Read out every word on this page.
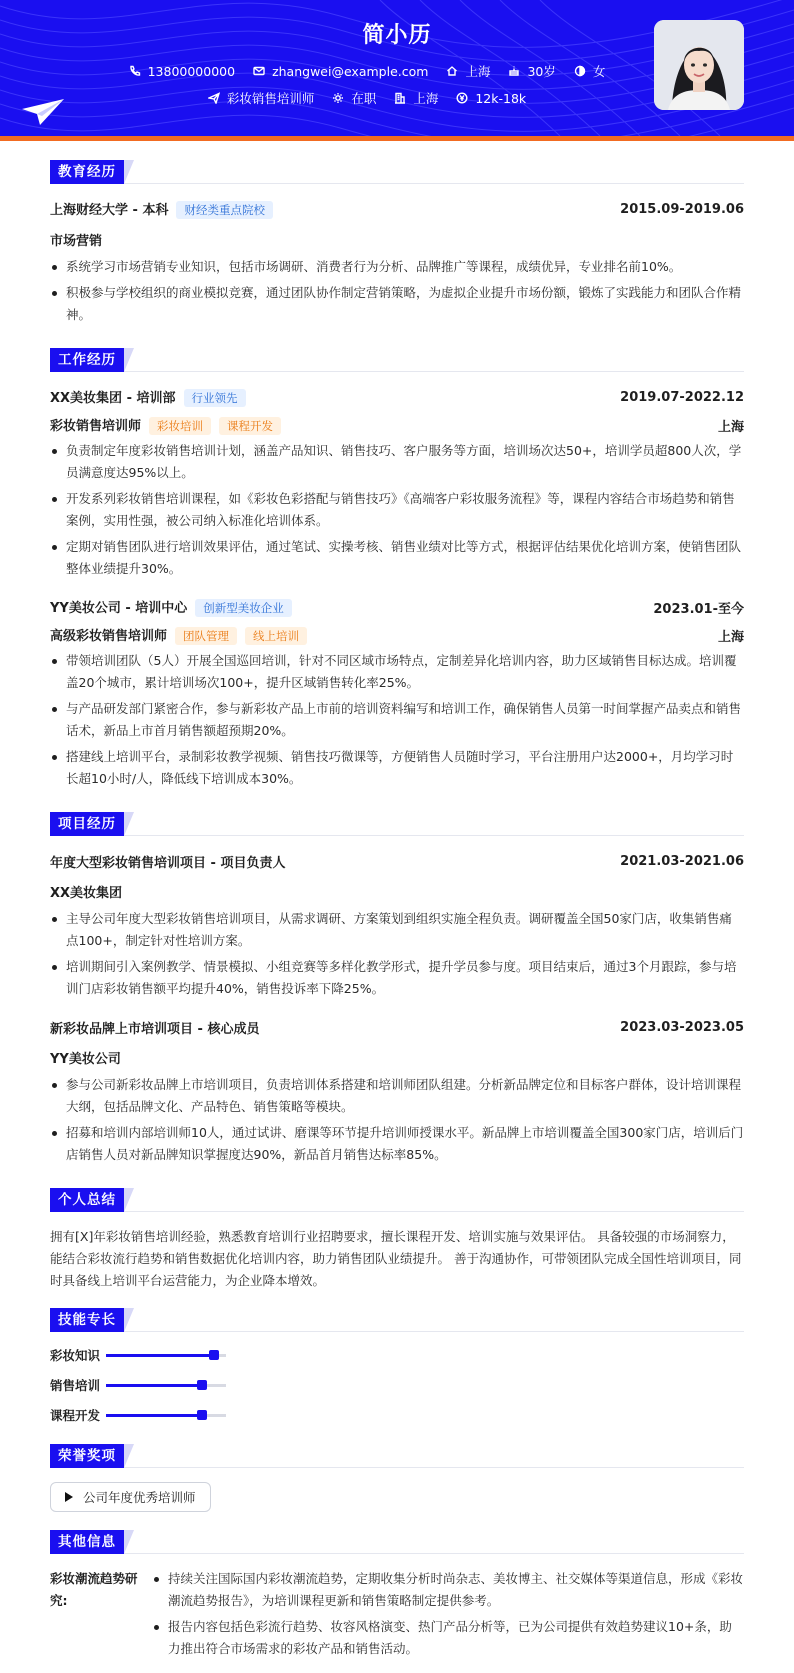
简小历
13800000000	zhangwei@example.com	上海	30岁	女
彩妆销售培训师	在职	上海	12k-18k
教育经历
上海财经大学 - 本科 财经类重点院校	2015.09-2019.06
市场营销
系统学习市场营销专业知识，包括市场调研、消费者行为分析、品牌推广等课程，成绩优异，专业排名前10%。
积极参与学校组织的商业模拟竞赛，通过团队协作制定营销策略，为虚拟企业提升市场份额，锻炼了实践能力和团队合作精神。
工作经历
XX美妆集团 - 培训部 行业领先	2019.07-2022.12
彩妆销售培训师 彩妆培训 课程开发	上海
负责制定年度彩妆销售培训计划，涵盖产品知识、销售技巧、客户服务等方面，培训场次达50+，培训学员超800人次，学员满意度达95%以上。
开发系列彩妆销售培训课程，如《彩妆色彩搭配与销售技巧》《高端客户彩妆服务流程》等，课程内容结合市场趋势和销售案例，实用性强，被公司纳入标准化培训体系。
定期对销售团队进行培训效果评估，通过笔试、实操考核、销售业绩对比等方式，根据评估结果优化培训方案，使销售团队整体业绩提升30%。
YY美妆公司 - 培训中心 创新型美妆企业	2023.01-至今
高级彩妆销售培训师 团队管理 线上培训	上海
带领培训团队（5人）开展全国巡回培训，针对不同区域市场特点，定制差异化培训内容，助力区域销售目标达成。培训覆盖20个城市，累计培训场次100+，提升区域销售转化率25%。
与产品研发部门紧密合作，参与新彩妆产品上市前的培训资料编写和培训工作，确保销售人员第一时间掌握产品卖点和销售话术，新品上市首月销售额超预期20%。
搭建线上培训平台，录制彩妆教学视频、销售技巧微课等，方便销售人员随时学习，平台注册用户达2000+，月均学习时长超10小时/人，降低线下培训成本30%。
项目经历
年度大型彩妆销售培训项目 - 项目负责人	2021.03-2021.06
XX美妆集团
主导公司年度大型彩妆销售培训项目，从需求调研、方案策划到组织实施全程负责。调研覆盖全国50家门店，收集销售痛点100+，制定针对性培训方案。
培训期间引入案例教学、情景模拟、小组竞赛等多样化教学形式，提升学员参与度。项目结束后，通过3个月跟踪，参与培训门店彩妆销售额平均提升40%，销售投诉率下降25%。
新彩妆品牌上市培训项目 - 核心成员	2023.03-2023.05
YY美妆公司
参与公司新彩妆品牌上市培训项目，负责培训体系搭建和培训师团队组建。分析新品牌定位和目标客户群体，设计培训课程大纲，包括品牌文化、产品特色、销售策略等模块。
招募和培训内部培训师10人，通过试讲、磨课等环节提升培训师授课水平。新品牌上市培训覆盖全国300家门店，培训后门店销售人员对新品牌知识掌握度达90%，新品首月销售达标率85%。
个人总结

拥有[X]年彩妆销售培训经验，熟悉教育培训行业招聘要求，擅长课程开发、培训实施与效果评估。 具备较强的市场洞察力，能结合彩妆流行趋势和销售数据优化培训内容，助力销售团队业绩提升。 善于沟通协作，可带领团队完成全国性培训项目，同时具备线上培训平台运营能力，为企业降本增效。

技能专长
彩妆知识
销售培训
课程开发
荣誉奖项
公司年度优秀培训师
其他信息
彩妆潮流趋势研究:
持续关注国际国内彩妆潮流趋势，定期收集分析时尚杂志、美妆博主、社交媒体等渠道信息，形成《彩妆潮流趋势报告》，为培训课程更新和销售策略制定提供参考。
报告内容包括色彩流行趋势、妆容风格演变、热门产品分析等，已为公司提供有效趋势建议10+条，助力推出符合市场需求的彩妆产品和销售活动。
